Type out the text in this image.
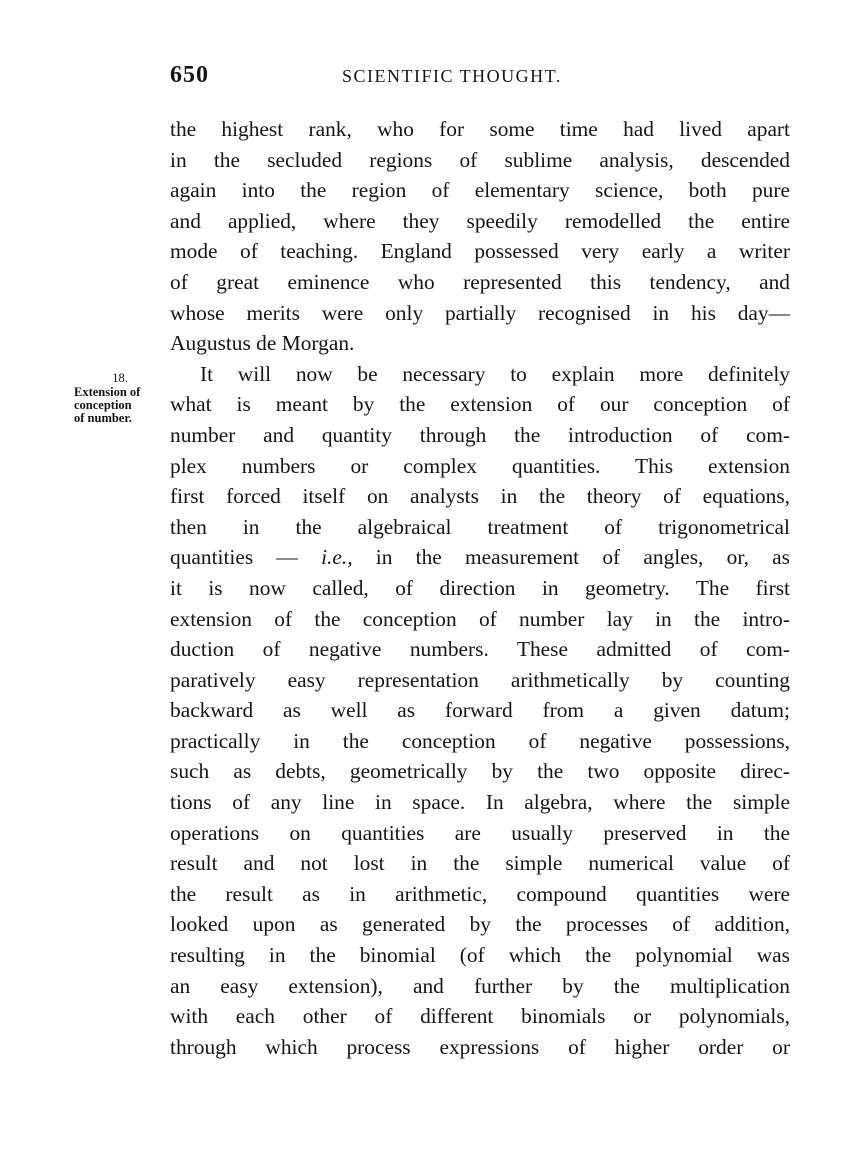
650	SCIENTIFIC THOUGHT.
18.
Extension of
conception
of number.
the highest rank, who for some time had lived apart
in the secluded regions of sublime analysis, descended
again into the region of elementary science, both pure
and applied, where they speedily remodelled the entire
mode of teaching. England possessed very early a writer
of great eminence who represented this tendency, and
whose merits were only partially recognised in his day—
Augustus de Morgan.
It will now be necessary to explain more definitely
what is meant by the extension of our conception of
number and quantity through the introduction of com-
plex numbers or complex quantities. This extension
first forced itself on analysts in the theory of equations,
then in the algebraical treatment of trigonometrical
quantities — i.e., in the measurement of angles, or, as
it is now called, of direction in geometry. The first
extension of the conception of number lay in the intro-
duction of negative numbers. These admitted of com-
paratively easy representation arithmetically by counting
backward as well as forward from a given datum;
practically in the conception of negative possessions,
such as debts, geometrically by the two opposite direc-
tions of any line in space. In algebra, where the simple
operations on quantities are usually preserved in the
result and not lost in the simple numerical value of
the result as in arithmetic, compound quantities were
looked upon as generated by the processes of addition,
resulting in the binomial (of which the polynomial was
an easy extension), and further by the multiplication
with each other of different binomials or polynomials,
through which process expressions of higher order or
